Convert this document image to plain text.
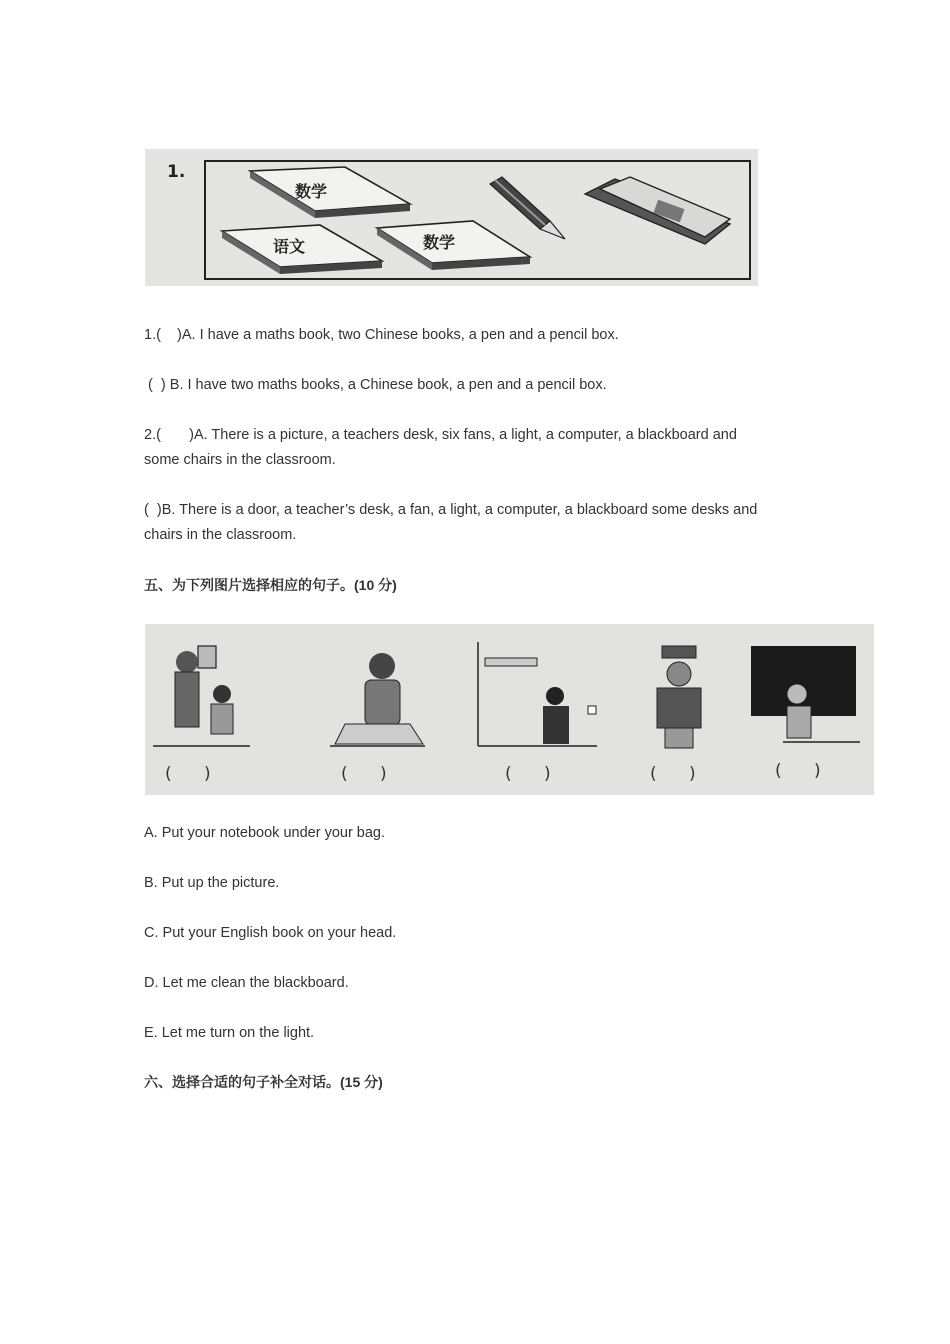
1.
数学
语文	数学
1.(    )A. I have a maths book, two Chinese books, a pen and a pencil box.
(  ) B. I have two maths books, a Chinese book, a pen and a pencil box.
2.(       )A. There is a picture, a teachers desk, six fans, a light, a computer, a blackboard and
some chairs in the classroom.
(  )B. There is a door, a teacher’s desk, a fan, a light, a computer, a blackboard some desks and
chairs in the classroom.
五、为下列图片选择相应的句子。(10 分)
(      )	(      )	(      )	(      )	(      )
A. Put your notebook under your bag.
B. Put up the picture.
C. Put your English book on your head.
D. Let me clean the blackboard.
E. Let me turn on the light.
六、选择合适的句子补全对话。(15 分)
